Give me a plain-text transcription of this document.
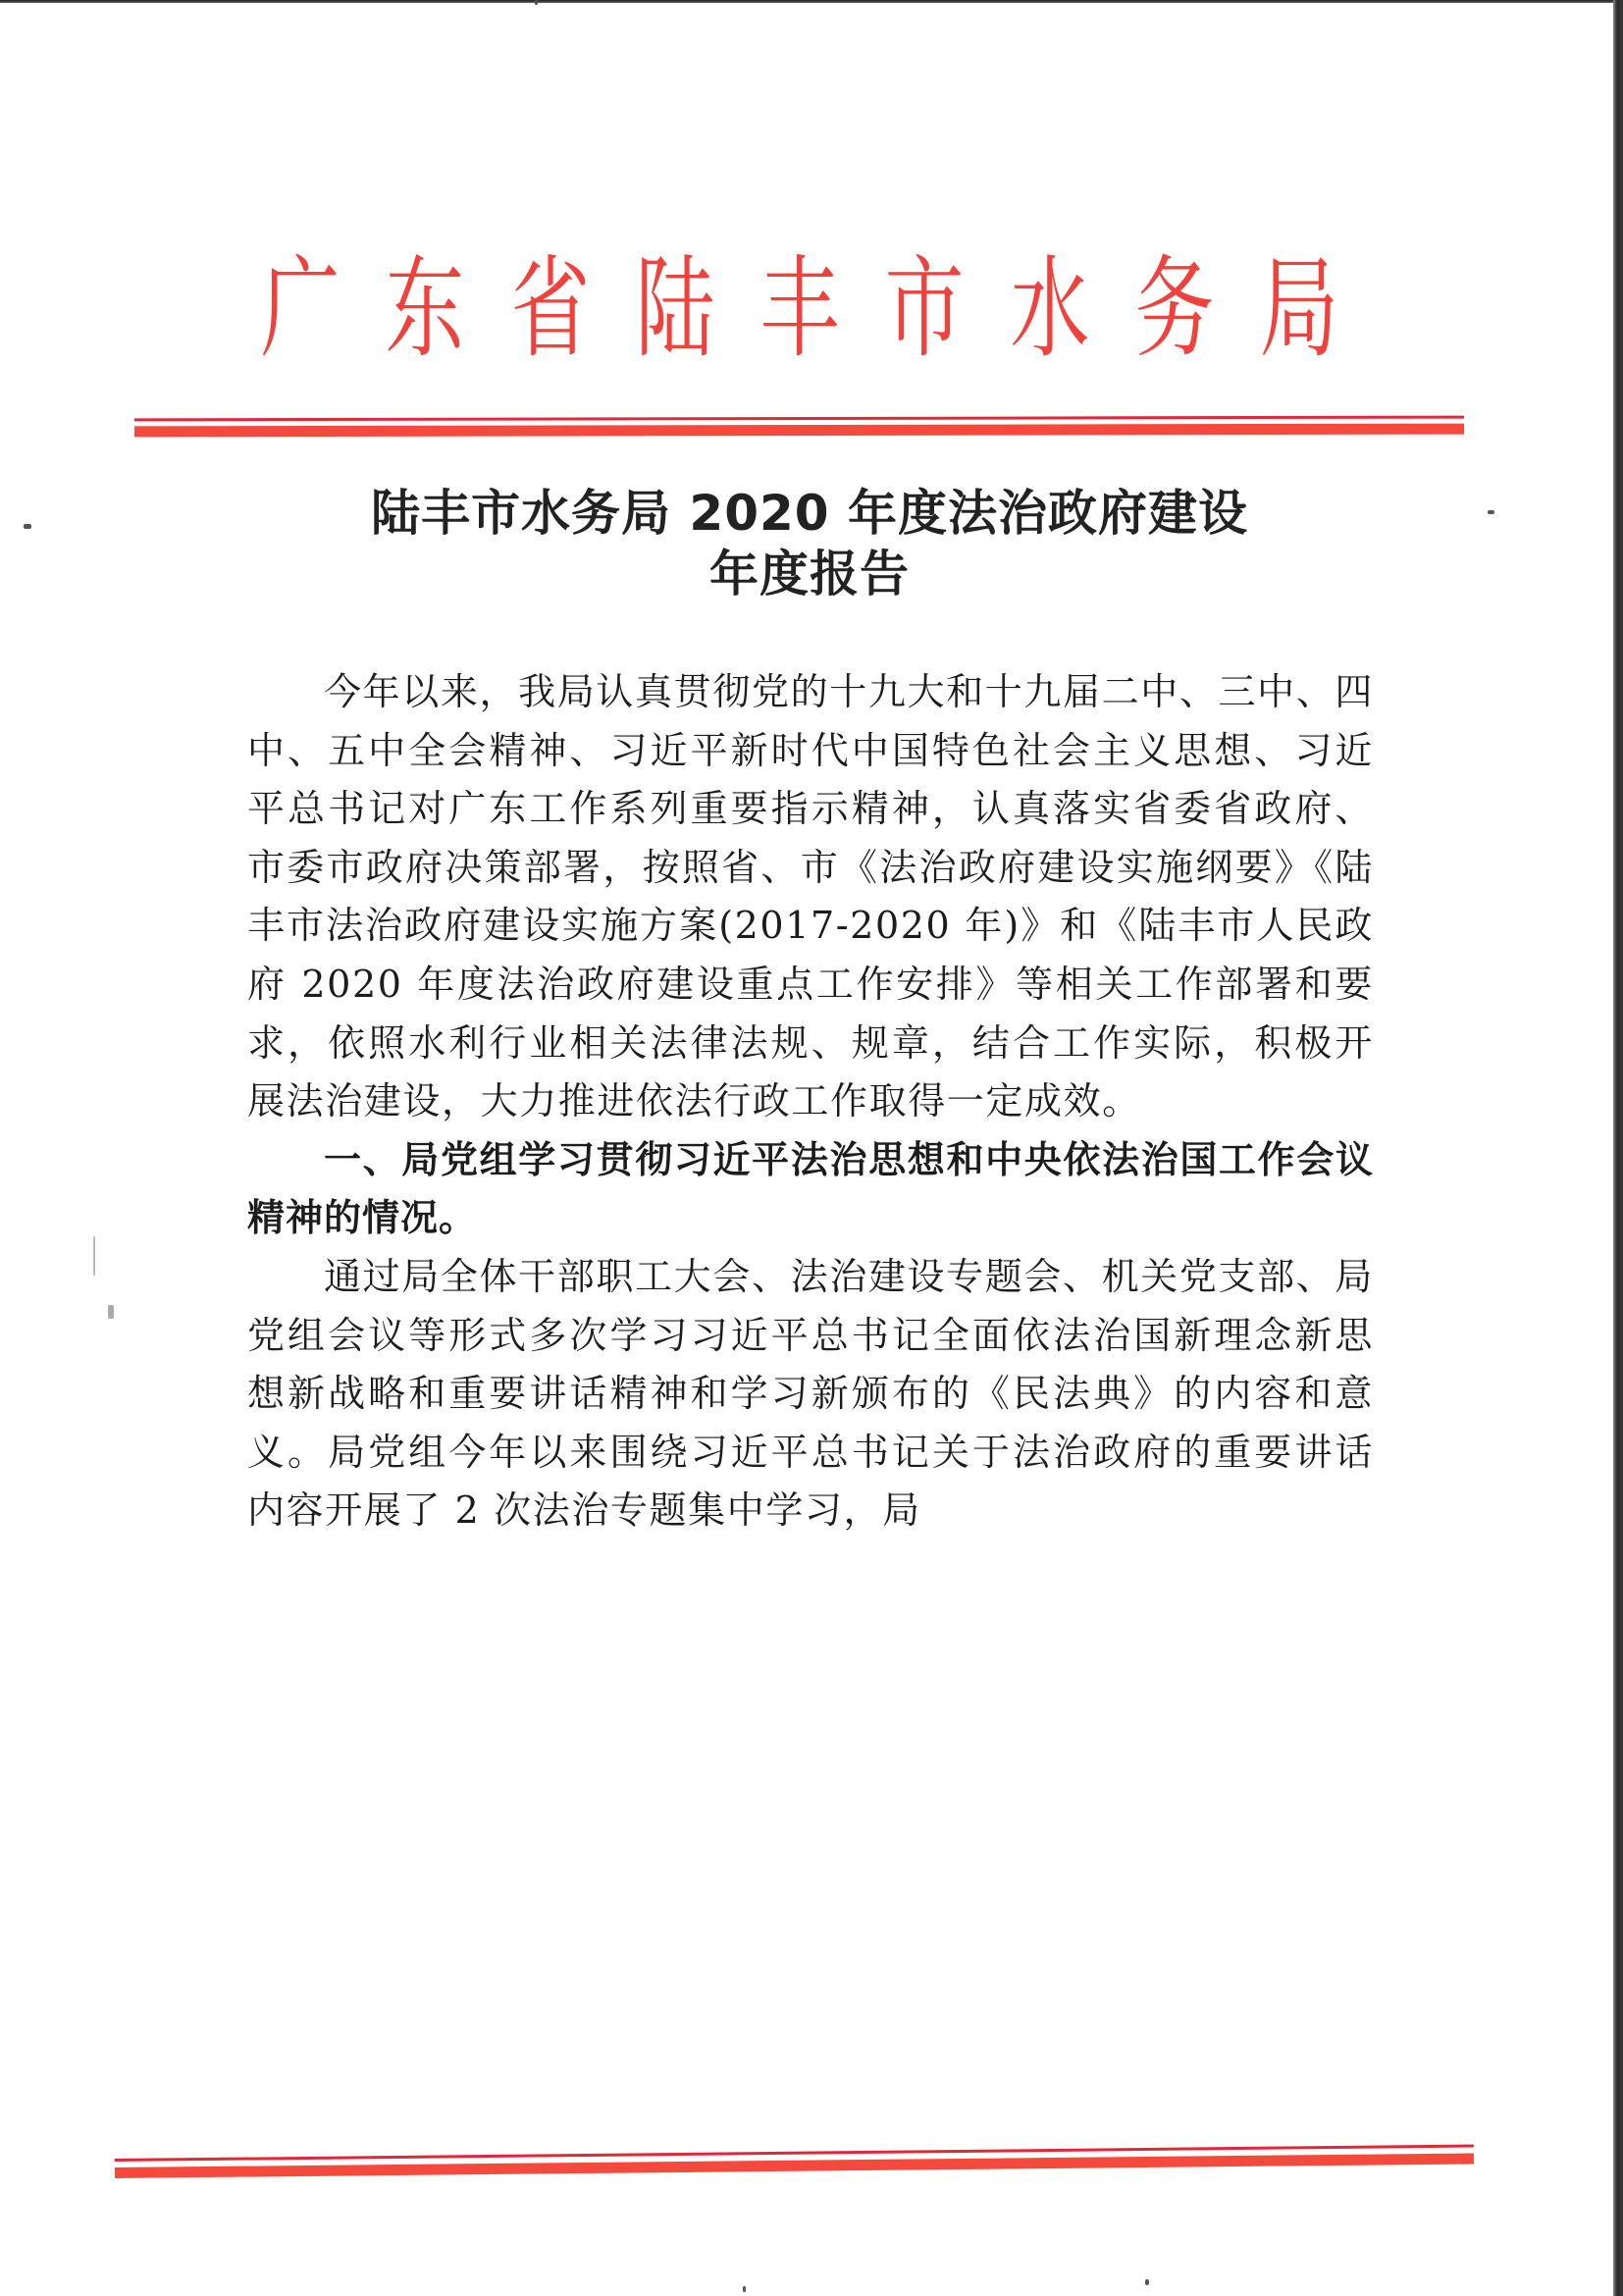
广 东 省 陆 丰 市 水 务 局
陆丰市水务局 2020 年度法治政府建设
年度报告

今年以来，我局认真贯彻党的十九大和十九届二中、三中、四中、五中全会精神、习近平新时代中国特色社会主义思想、习近平总书记对广东工作系列重要指示精神，认真落实省委省政府、市委市政府决策部署，按照省、市《法治政府建设实施纲要》《陆丰市法治政府建设实施方案(2017-2020 年)》和《陆丰市人民政府 2020 年度法治政府建设重点工作安排》等相关工作部署和要求，依照水利行业相关法律法规、规章，结合工作实际，积极开展法治建设，大力推进依法行政工作取得一定成效。

一、局党组学习贯彻习近平法治思想和中央依法治国工作会议精神的情况。

通过局全体干部职工大会、法治建设专题会、机关党支部、局党组会议等形式多次学习习近平总书记全面依法治国新理念新思想新战略和重要讲话精神和学习新颁布的《民法典》的内容和意义。局党组今年以来围绕习近平总书记关于法治政府的重要讲话内容开展了 2 次法治专题集中学习，局
